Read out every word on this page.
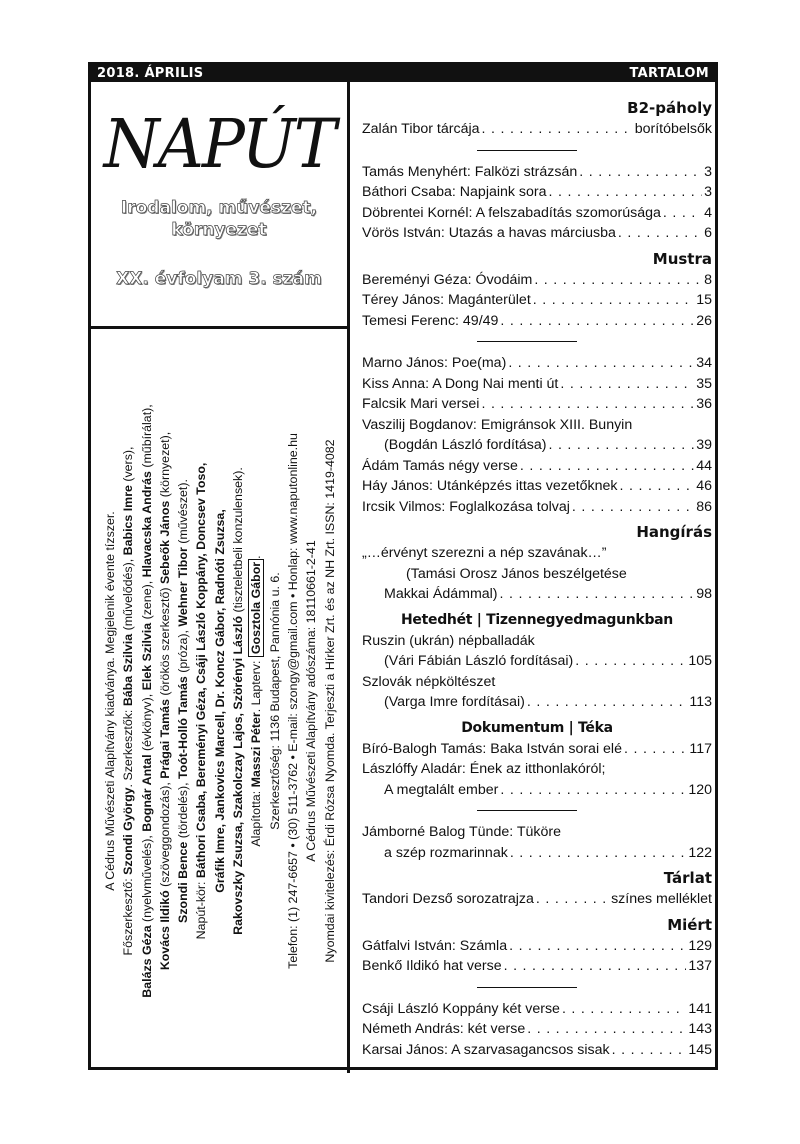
2018. ÁPRILIS	TARTALOM
NAPÚT
Irodalom, művészet,
környezet
XX. évfolyam 3. szám

A Cédrus Művészeti Alapítvány kiadványa. Megjelenik évente tízszer.

Főszerkesztő: Szondi György. Szerkesztők: Bába Szilvia (művelődés), Babics Imre (vers),

Balázs Géza (nyelvművelés), Bognár Antal (évkönyv), Elek Szilvia (zene), Hlavacska András (műbírálat),

Kovács Ildikó (szöveggondozás), Prágai Tamás (örökös szerkesztő) Sebeők János (környezet),

Szondi Bence (tördelés), Toót-Holló Tamás (próza), Wehner Tibor (művészet).

Napút-kör: Báthori Csaba, Bereményi Géza, Csáji László Koppány, Doncsev Toso, Gráfik Imre, Jankovics Marcell, Dr. Koncz Gábor, Radnóti Zsuzsa, Rakovszky Zsuzsa, Szakolczay Lajos, Szörényi László (tiszteletbeli konzulensek).

Alapította: Masszi Péter. Lapterv: Gosztola Gábor.

Szerkesztőség: 1136 Budapest, Pannónia u. 6. Telefon: (1) 247-6657 • (30) 511-3762 • E-mail: szongy@gmail.com • Honlap: www.naputonline.hu A Cédrus Művészeti Alapítvány adószáma: 18110661-2-41 Nyomdai kivitelezés: Érdi Rózsa Nyomda. Terjeszti a Hírker Zrt. és az NH Zrt. ISSN: 1419-4082

B2-páholy
Zalán Tibor tárcája . . .	borítóbelsők
Tamás Menyhért: Falközi strázsán . . .	3
Báthori Csaba: Napjaink sora . . .	3
Döbrentei Kornél: A felszabadítás szomorúsága . . .	4
Vörös István: Utazás a havas márciusba . . .	6
Mustra
Bereményi Géza: Óvodáim . . .	8
Térey János: Magánterület . . .	15
Temesi Ferenc: 49/49 . . .	26
Marno János: Poe(ma) . . .	34
Kiss Anna: A Dong Nai menti út . . .	35
Falcsik Mari versei . . .	36
Vaszilij Bogdanov: Emigránsok XIII. Bunyin
(Bogdán László fordítása) . . .	39
Ádám Tamás négy verse . . .	44
Háy János: Utánképzés ittas vezetőknek . . .	46
Ircsik Vilmos: Foglalkozása tolvaj . . .	86
Hangírás
„…érvényt szerezni a nép szavának…”
(Tamási Orosz János beszélgetése
Makkai Ádámmal) . . .	98
Hetedhét | Tizennegyedmagunkban
Ruszin (ukrán) népballadák
(Vári Fábián László fordításai) . . .	105
Szlovák népköltészet
(Varga Imre fordításai) . . .	113
Dokumentum | Téka
Bíró-Balogh Tamás: Baka István sorai elé . . .	117
Lászlóffy Aladár: Ének az itthonlakóról;
A megtalált ember . . .	120
Jámborné Balog Tünde: Tüköre
a szép rozmarinnak . . .	122
Tárlat
Tandori Dezső sorozatrajza . . .	színes melléklet
Miért
Gátfalvi István: Számla . . .	129
Benkő Ildikó hat verse . . .	137
Csáji László Koppány két verse . . .	141
Németh András: két verse . . .	143
Karsai János: A szarvasagancsos sisak . . .	145
